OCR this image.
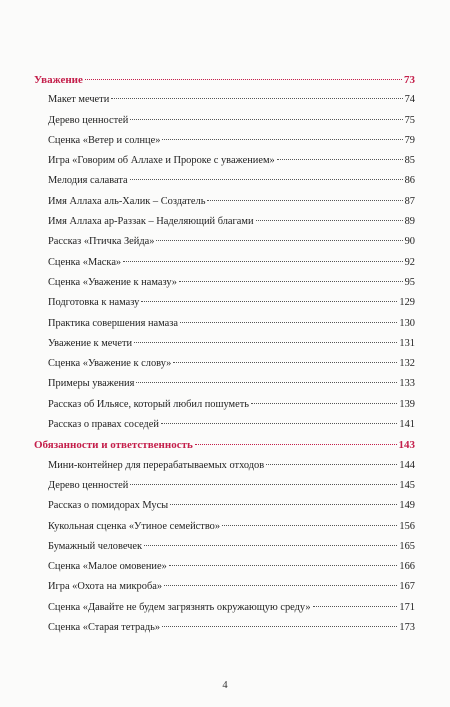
Уважение	73
Макет мечети	74
Дерево ценностей	75
Сценка «Ветер и солнце»	79
Игра «Говорим об Аллахе и Пророке с уважением»	85
Мелодия салавата	86
Имя Аллаха аль-Халик – Создатель	87
Имя Аллаха ар-Раззак – Наделяющий благами	89
Рассказ «Птичка Зейда»	90
Сценка «Маска»	92
Сценка «Уважение к намазу»	95
Подготовка к намазу	129
Практика совершения намаза	130
Уважение к мечети	131
Сценка «Уважение к слову»	132
Примеры уважения	133
Рассказ об Ильясе, который любил пошуметь	139
Рассказ о правах соседей	141
Обязанности и ответственность	143
Мини-контейнер для перерабатываемых отходов	144
Дерево ценностей	145
Рассказ о помидорах Мусы	149
Кукольная сценка «Утиное семейство»	156
Бумажный человечек	165
Сценка «Малое омовение»	166
Игра «Охота на микроба»	167
Сценка «Давайте не будем загрязнять окружающую среду»	171
Сценка «Старая тетрадь»	173
4
